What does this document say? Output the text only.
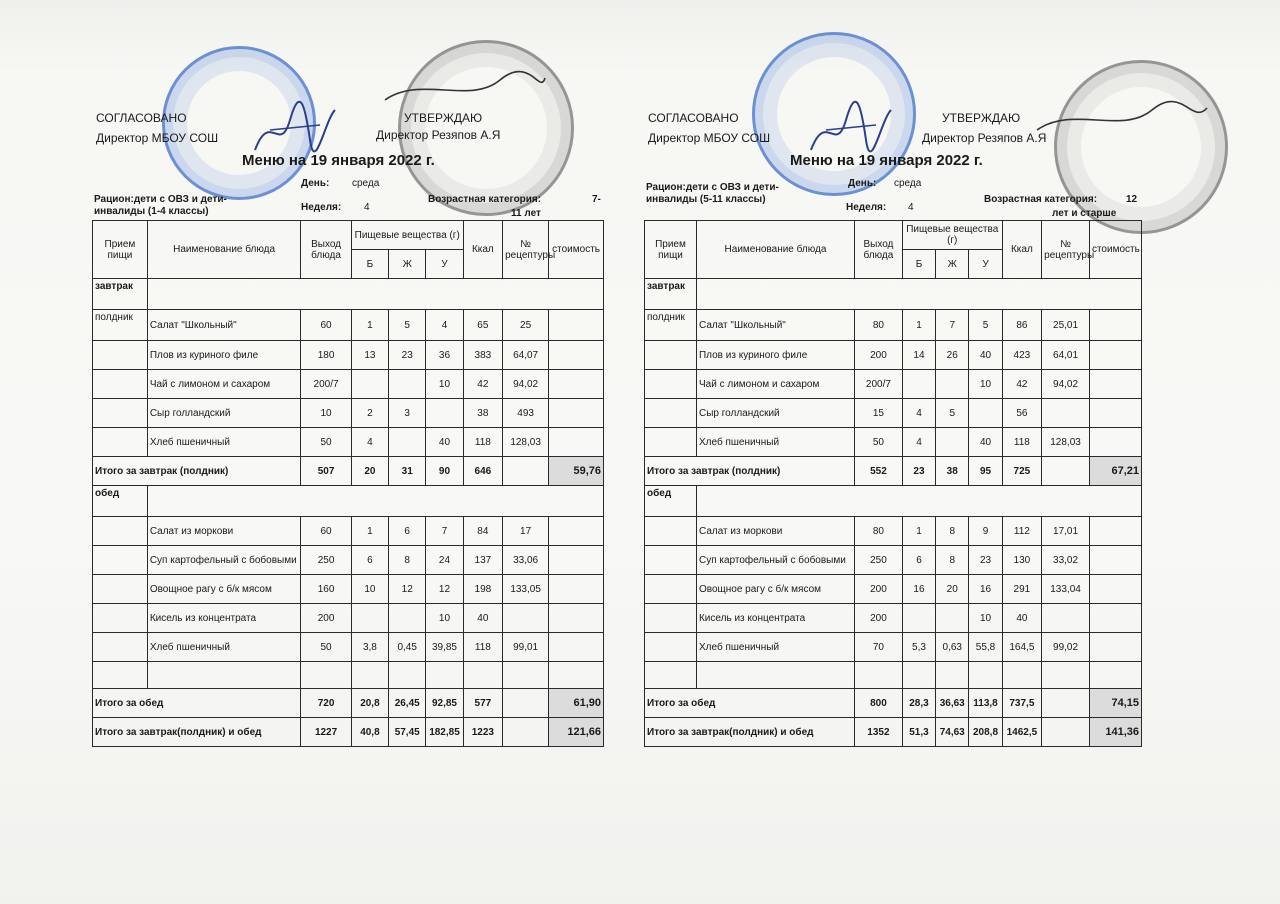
СОГЛАСОВАНО	УТВЕРЖДАЮ
Директор МБОУ СОШ	Директор Резяпов А.Я
Меню на 19 января 2022 г.
Рацион:дети с ОВЗ и дети-
инвалиды (1-4 классы)
День: среда
Неделя: 4
Возрастная категория:	7-
11 лет
Прием пищи	Наименование блюда	Выход блюда	Пищевые вещества (г)			Ккал	№ рецептуры	стоимость
			Б	Ж	У			
завтрак								
полдник	Салат "Школьный"	60	1	5	4	65	25	
	Плов из куриного филе	180	13	23	36	383	64,07	
	Чай с лимоном и сахаром	200/7			10	42	94,02	
	Сыр голландский	10	2	3		38	493	
	Хлеб пшеничный	50	4		40	118	128,03	
Итого за завтрак (полдник)		507	20	31	90	646		59,76
обед								
	Салат из моркови	60	1	6	7	84	17	
	Суп картофельный с бобовыми	250	6	8	24	137	33,06	
	Овощное рагу с б/к мясом	160	10	12	12	198	133,05	
	Кисель из концентрата	200			10	40		
	Хлеб пшеничный	50	3,8	0,45	39,85	118	99,01	

Итого за обед		720	20,8	26,45	92,85	577		61,90
Итого за завтрак(полдник) и обед		1227	40,8	57,45	182,85	1223		121,66
СОГЛАСОВАНО	УТВЕРЖДАЮ
Директор МБОУ СОШ	Директор Резяпов А.Я
Меню на 19 января 2022 г.
Рацион:дети с ОВЗ и дети-
инвалиды (5-11 классы)
День: среда
Неделя: 4
Возрастная категория:	12
лет и старше
Прием пищи	Наименование блюда	Выход блюда	Пищевые вещества (г)			Ккал	№ рецептуры	стоимость
			Б	Ж	У			
завтрак								
полдник	Салат "Школьный"	80	1	7	5	86	25,01	
	Плов из куриного филе	200	14	26	40	423	64,01	
	Чай с лимоном и сахаром	200/7			10	42	94,02	
	Сыр голландский	15	4	5		56		
	Хлеб пшеничный	50	4		40	118	128,03	
Итого за завтрак (полдник)		552	23	38	95	725		67,21
обед								
	Салат из моркови	80	1	8	9	112	17,01	
	Суп картофельный с бобовыми	250	6	8	23	130	33,02	
	Овощное рагу с б/к мясом	200	16	20	16	291	133,04	
	Кисель из концентрата	200			10	40		
	Хлеб пшеничный	70	5,3	0,63	55,8	164,5	99,02	

Итого за обед		800	28,3	36,63	113,8	737,5		74,15
Итого за завтрак(полдник) и обед		1352	51,3	74,63	208,8	1462,5		141,36
